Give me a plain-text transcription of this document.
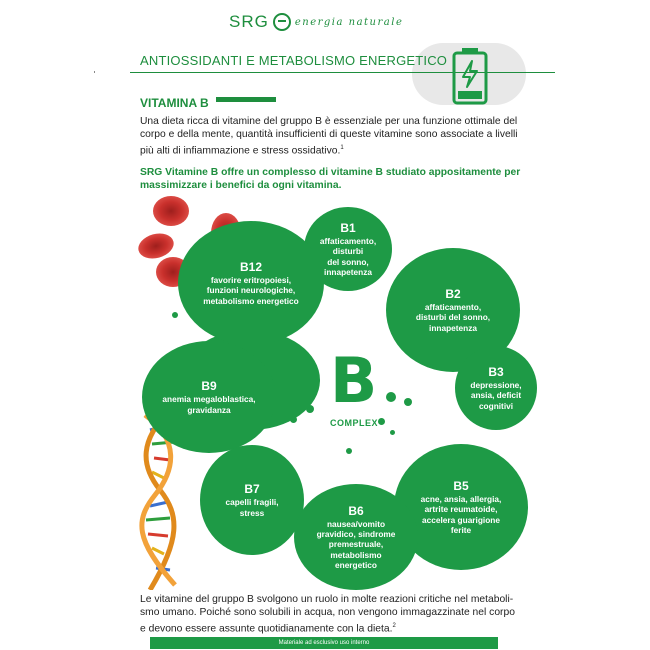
SRG	energia naturale
ANTIOSSIDANTI E METABOLISMO ENERGETICO
VITAMINA B
Una dieta ricca di vitamine del gruppo B è essenziale per una funzione ottimale del corpo e della mente, quantità insufficienti di queste vitamine sono associate a livelli più alti di infiammazione e stress ossidativo.$^1$
SRG Vitamine B offre un complesso di vitamine B studiato appositamente per massimizzare i benefici da ogni vitamina.
B
COMPLEX
B1
affaticamento,
disturbi
del sonno,
innapetenza
B2
affaticamento,
disturbi del sonno,
innapetenza
B12
favorire eritropoiesi,
funzioni neurologiche,
metabolismo energetico
B3
depressione,
ansia, deficit
cognitivi
B9
anemia megaloblastica,
gravidanza
B5
acne, ansia, allergia,
artrite reumatoide,
accelera guarigione
ferite
B7
capelli fragili,
stress	B6
nausea/vomito
gravidico, sindrome
premestruale,
metabolismo
energetico
Le vitamine del gruppo B svolgono un ruolo in molte reazioni critiche nel metaboli-
smo umano. Poiché sono solubili in acqua, non vengono immagazzinate nel corpo
e devono essere assunte quotidianamente con la dieta.$^2$
Materiale ad esclusivo uso interno
